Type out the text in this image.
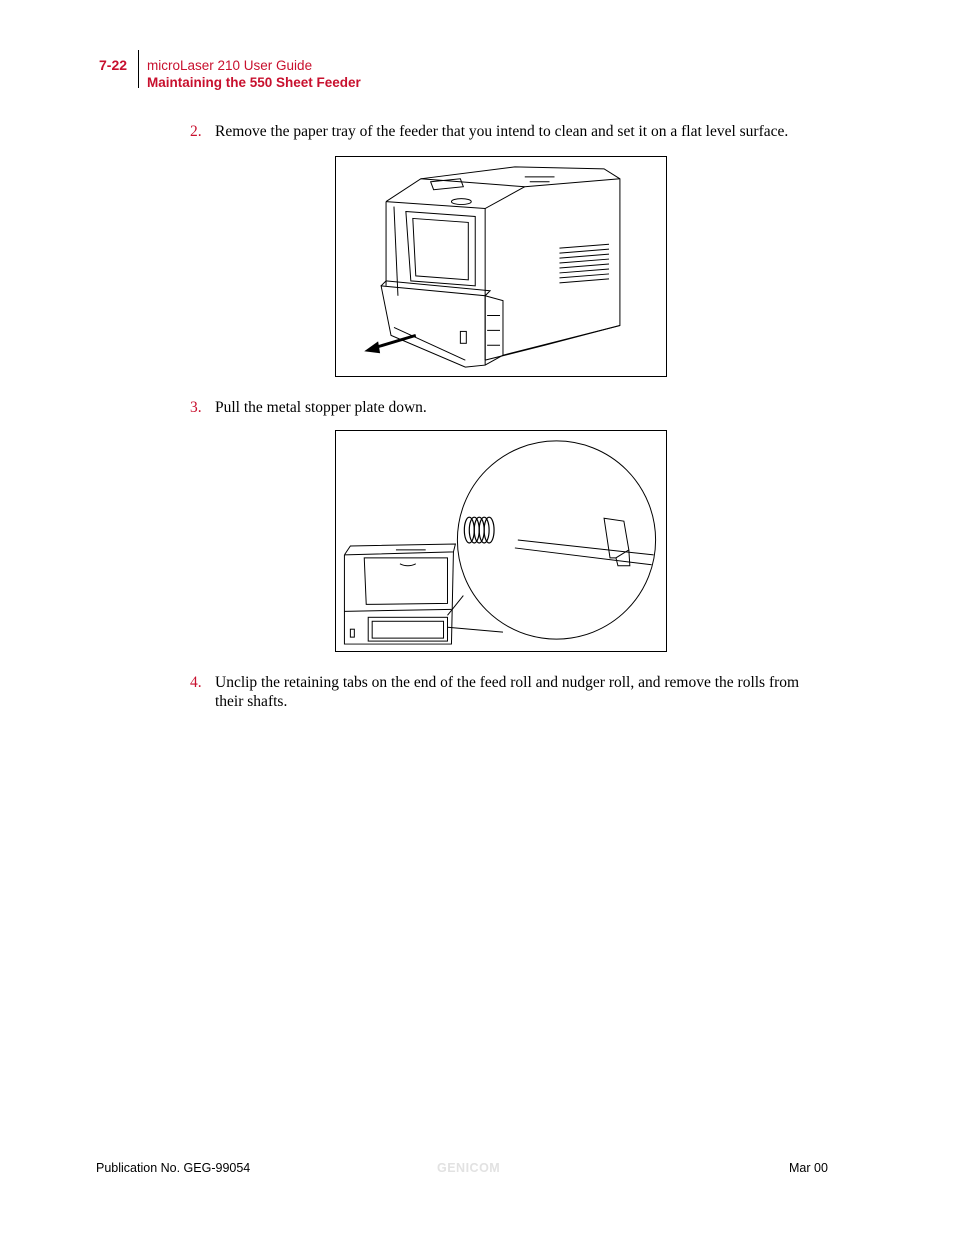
7-22 microLaser 210 User Guide
Maintaining the 550 Sheet Feeder
2. Remove the paper tray of the feeder that you intend to clean and set it on a flat level surface.
3. Pull the metal stopper plate down.
4. Unclip the retaining tabs on the end of the feed roll and nudger roll, and remove the rolls from their shafts.
Publication No. GEG-99054	GENICOM	Mar 00
